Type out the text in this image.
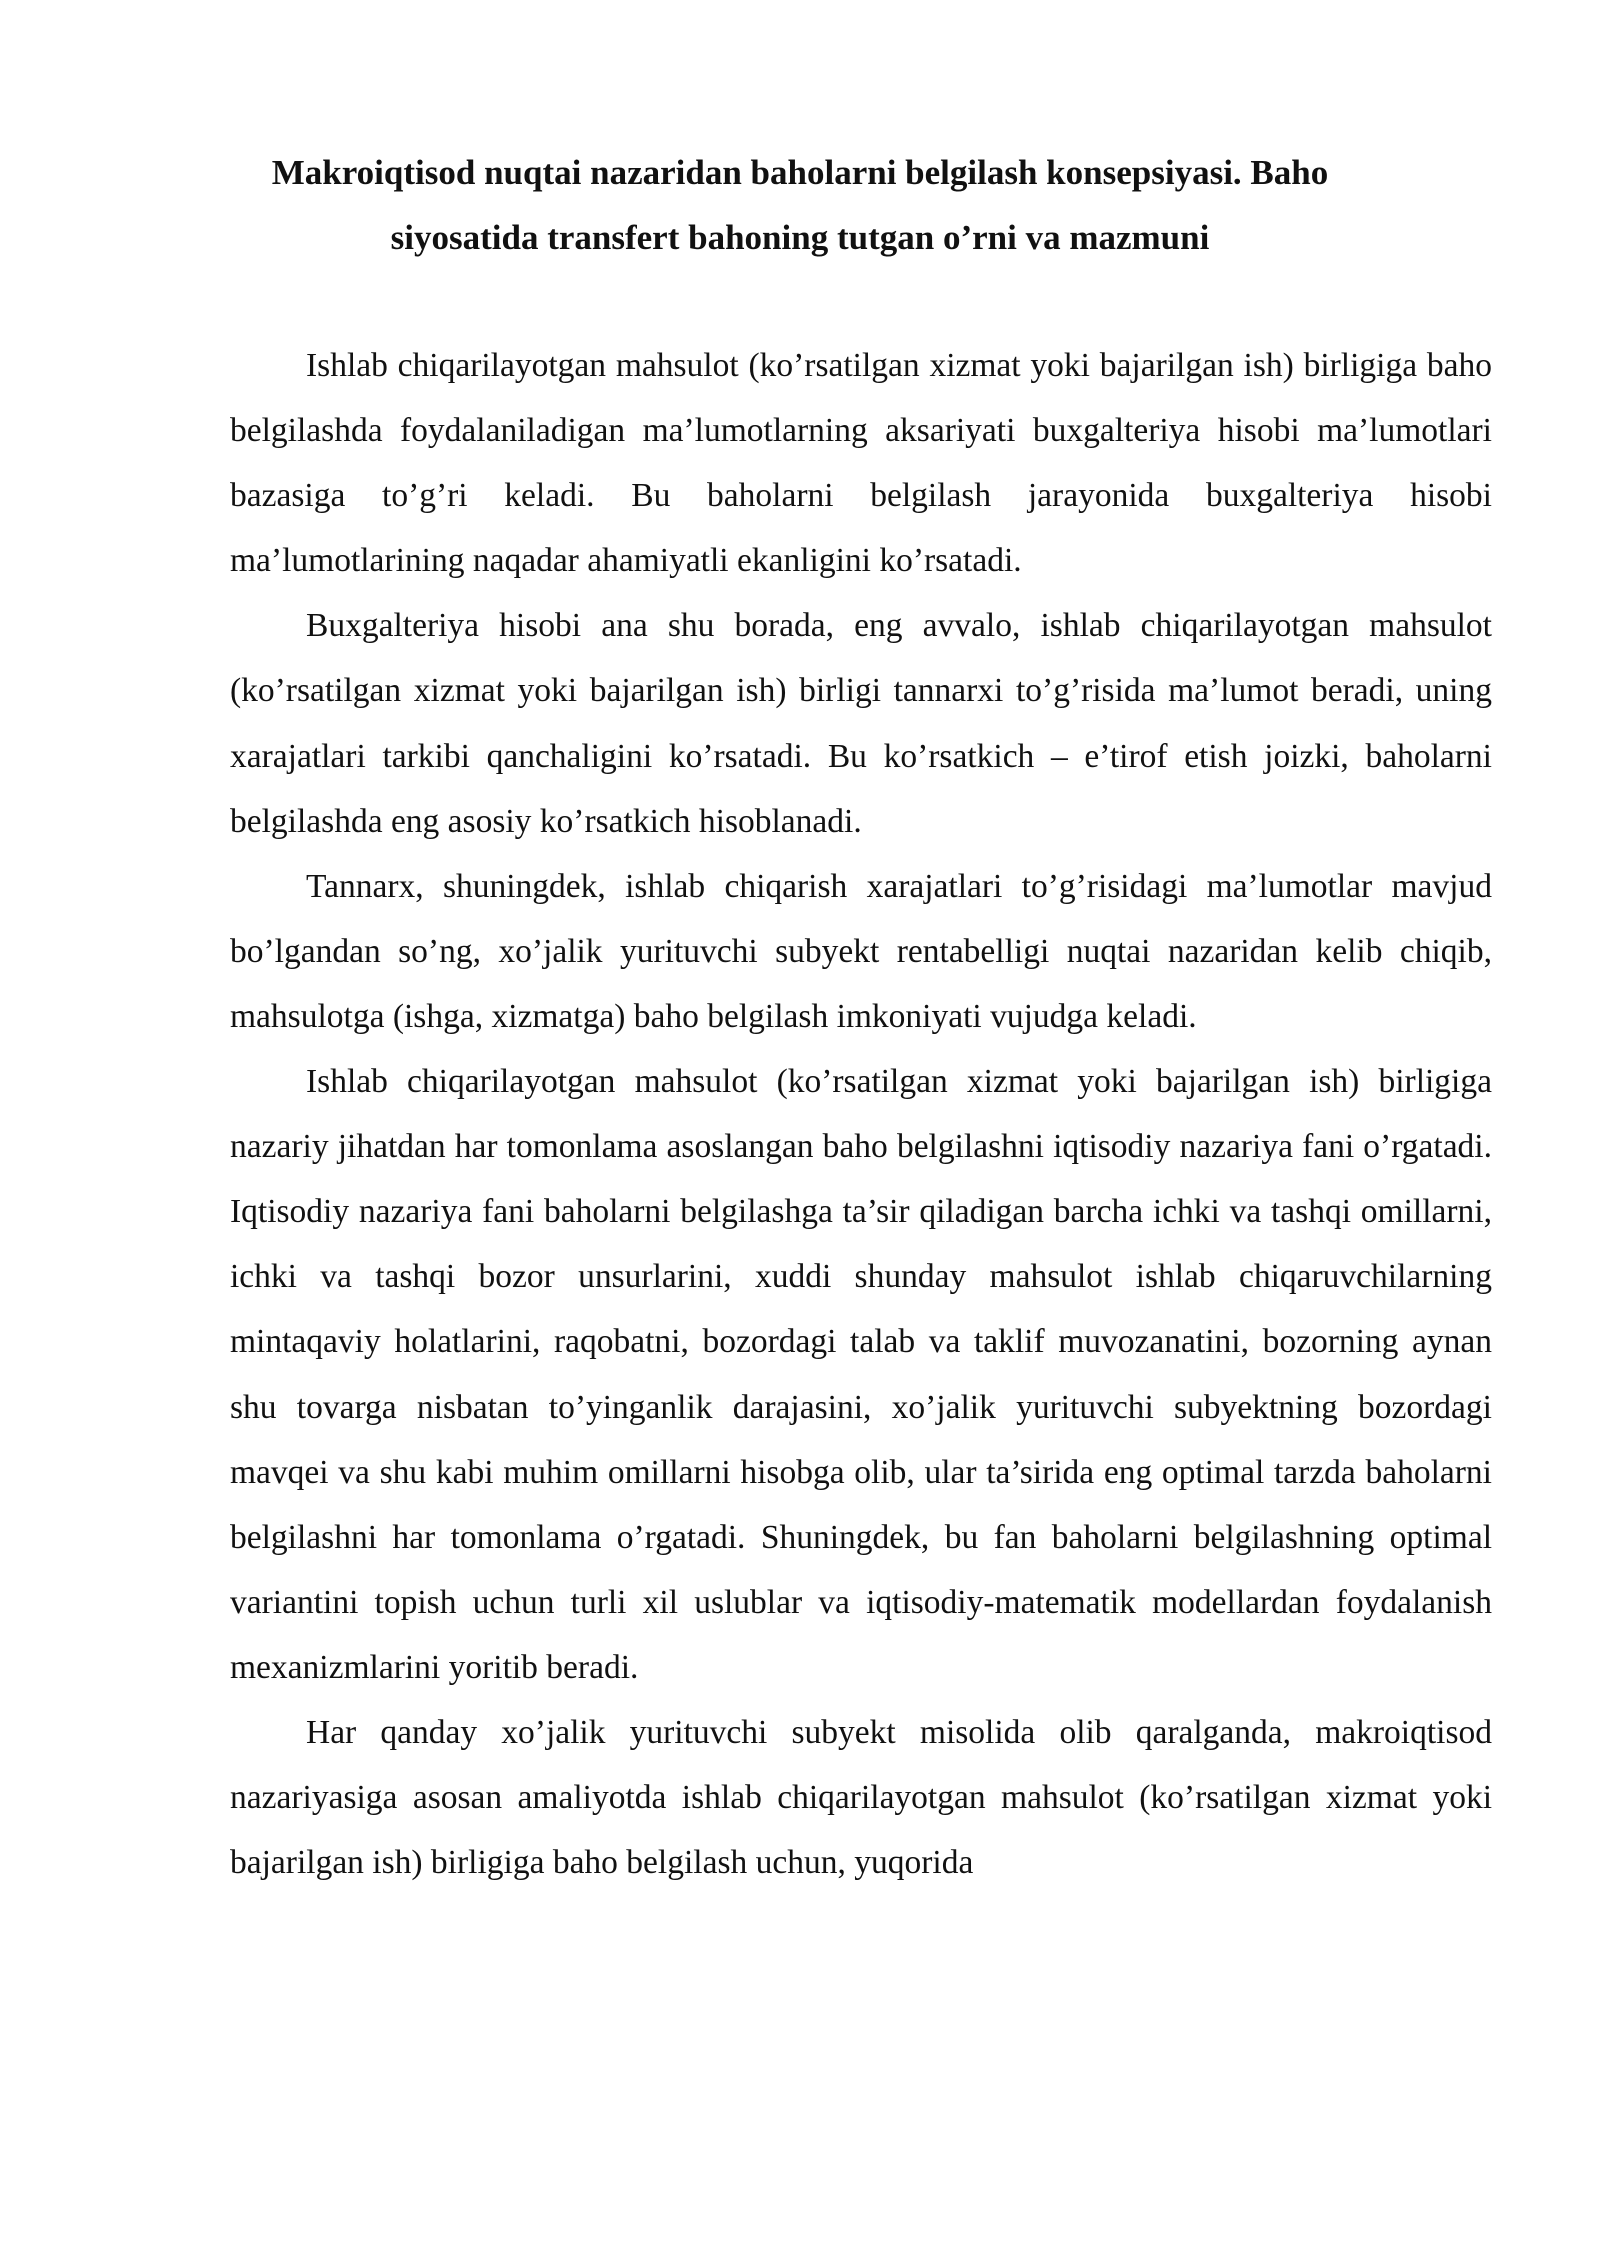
Makroiqtisod nuqtai nazaridan baholarni belgilash konsepsiyasi. Baho
siyosatida transfert bahoning tutgan o’rni va mazmuni

Ishlab chiqarilayotgan mahsulot (ko’rsatilgan xizmat yoki bajarilgan ish) birligiga baho belgilashda foydalaniladigan ma’lumotlarning aksariyati buxgalteriya hisobi ma’lumotlari bazasiga to’g’ri keladi. Bu baholarni belgilash jarayonida buxgalteriya hisobi ma’lumotlarining naqadar ahamiyatli ekanligini ko’rsatadi.

Buxgalteriya hisobi ana shu borada, eng avvalo, ishlab chiqarilayotgan mahsulot (ko’rsatilgan xizmat yoki bajarilgan ish) birligi tannarxi to’g’risida ma’lumot beradi, uning xarajatlari tarkibi qanchaligini ko’rsatadi. Bu ko’rsatkich – e’tirof etish joizki, baholarni belgilashda eng asosiy ko’rsatkich hisoblanadi.

Tannarx, shuningdek, ishlab chiqarish xarajatlari to’g’risidagi ma’lumotlar mavjud bo’lgandan so’ng, xo’jalik yurituvchi subyekt rentabelligi nuqtai nazaridan kelib chiqib, mahsulotga (ishga, xizmatga) baho belgilash imkoniyati vujudga keladi.

Ishlab chiqarilayotgan mahsulot (ko’rsatilgan xizmat yoki bajarilgan ish) birligiga nazariy jihatdan har tomonlama asoslangan baho belgilashni iqtisodiy nazariya fani o’rgatadi. Iqtisodiy nazariya fani baholarni belgilashga ta’sir qiladigan barcha ichki va tashqi omillarni, ichki va tashqi bozor unsurlarini, xuddi shunday mahsulot ishlab chiqaruvchilarning mintaqaviy holatlarini, raqobatni, bozordagi talab va taklif muvozanatini, bozorning aynan shu tovarga nisbatan to’yinganlik darajasini, xo’jalik yurituvchi subyektning bozordagi mavqei va shu kabi muhim omillarni hisobga olib, ular ta’sirida eng optimal tarzda baholarni belgilashni har tomonlama o’rgatadi. Shuningdek, bu fan baholarni belgilashning optimal variantini topish uchun turli xil uslublar va iqtisodiy-matematik modellardan foydalanish mexanizmlarini yoritib beradi.

Har qanday xo’jalik yurituvchi subyekt misolida olib qaralganda, makroiqtisod nazariyasiga asosan amaliyotda ishlab chiqarilayotgan mahsulot (ko’rsatilgan xizmat yoki bajarilgan ish) birligiga baho belgilash uchun, yuqorida
